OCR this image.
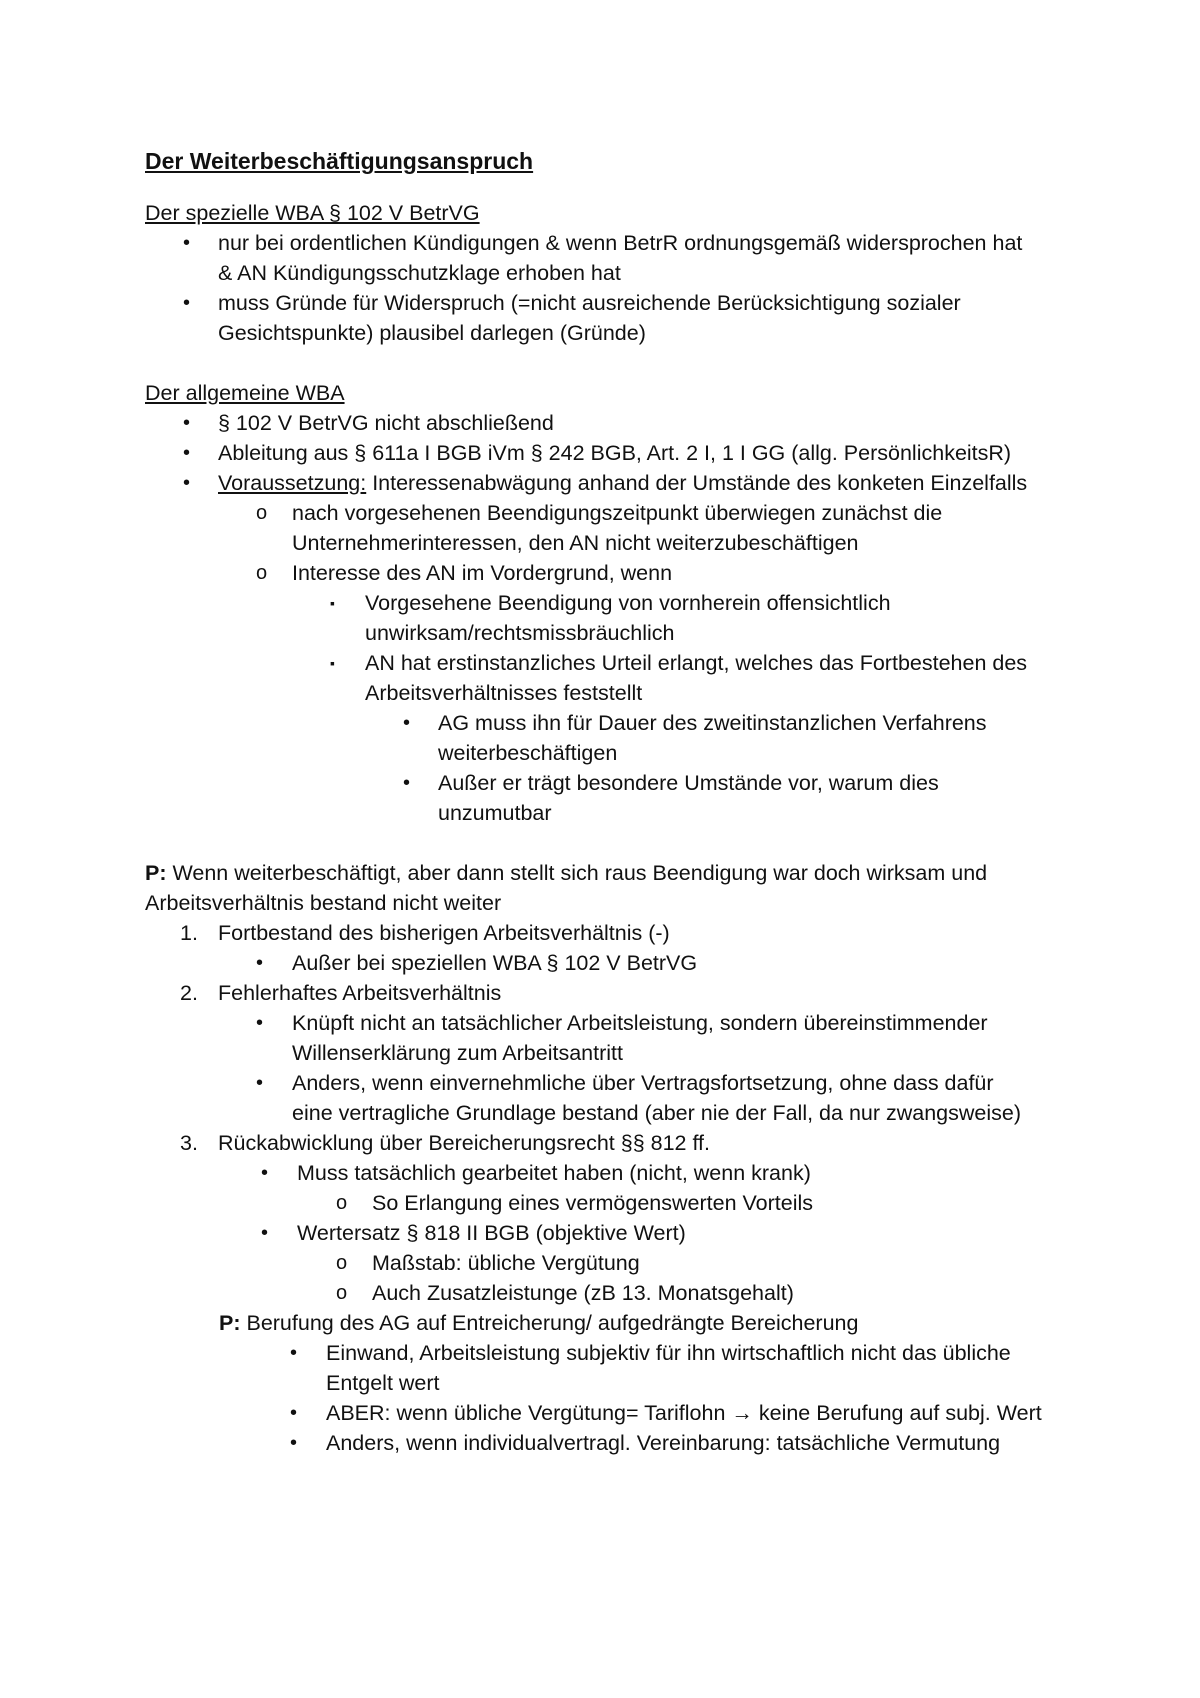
Der Weiterbeschäftigungsanspruch
Der spezielle WBA § 102 V BetrVG
• nur bei ordentlichen Kündigungen & wenn BetrR ordnungsgemäß widersprochen hat
& AN Kündigungsschutzklage erhoben hat
• muss Gründe für Widerspruch (=nicht ausreichende Berücksichtigung sozialer
Gesichtspunkte) plausibel darlegen (Gründe)
Der allgemeine WBA
• § 102 V BetrVG nicht abschließend
• Ableitung aus § 611a I BGB iVm § 242 BGB, Art. 2 I, 1 I GG (allg. PersönlichkeitsR)
• Voraussetzung: Interessenabwägung anhand der Umstände des konketen Einzelfalls
o nach vorgesehenen Beendigungszeitpunkt überwiegen zunächst die
Unternehmerinteressen, den AN nicht weiterzubeschäftigen
o Interesse des AN im Vordergrund, wenn
▪ Vorgesehene Beendigung von vornherein offensichtlich
unwirksam/rechtsmissbräuchlich
▪ AN hat erstinstanzliches Urteil erlangt, welches das Fortbestehen des
Arbeitsverhältnisses feststellt
• AG muss ihn für Dauer des zweitinstanzlichen Verfahrens
weiterbeschäftigen
• Außer er trägt besondere Umstände vor, warum dies
unzumutbar
P: Wenn weiterbeschäftigt, aber dann stellt sich raus Beendigung war doch wirksam und
Arbeitsverhältnis bestand nicht weiter
1. Fortbestand des bisherigen Arbeitsverhältnis (-)
• Außer bei speziellen WBA § 102 V BetrVG
2. Fehlerhaftes Arbeitsverhältnis
• Knüpft nicht an tatsächlicher Arbeitsleistung, sondern übereinstimmender
Willenserklärung zum Arbeitsantritt
• Anders, wenn einvernehmliche über Vertragsfortsetzung, ohne dass dafür
eine vertragliche Grundlage bestand (aber nie der Fall, da nur zwangsweise)
3. Rückabwicklung über Bereicherungsrecht §§ 812 ff.
• Muss tatsächlich gearbeitet haben (nicht, wenn krank)
o So Erlangung eines vermögenswerten Vorteils
• Wertersatz § 818 II BGB (objektive Wert)
o Maßstab: übliche Vergütung
o Auch Zusatzleistunge (zB 13. Monatsgehalt)
P: Berufung des AG auf Entreicherung/ aufgedrängte Bereicherung
• Einwand, Arbeitsleistung subjektiv für ihn wirtschaftlich nicht das übliche
Entgelt wert
• ABER: wenn übliche Vergütung= Tariflohn → keine Berufung auf subj. Wert
• Anders, wenn individualvertragl. Vereinbarung: tatsächliche Vermutung
